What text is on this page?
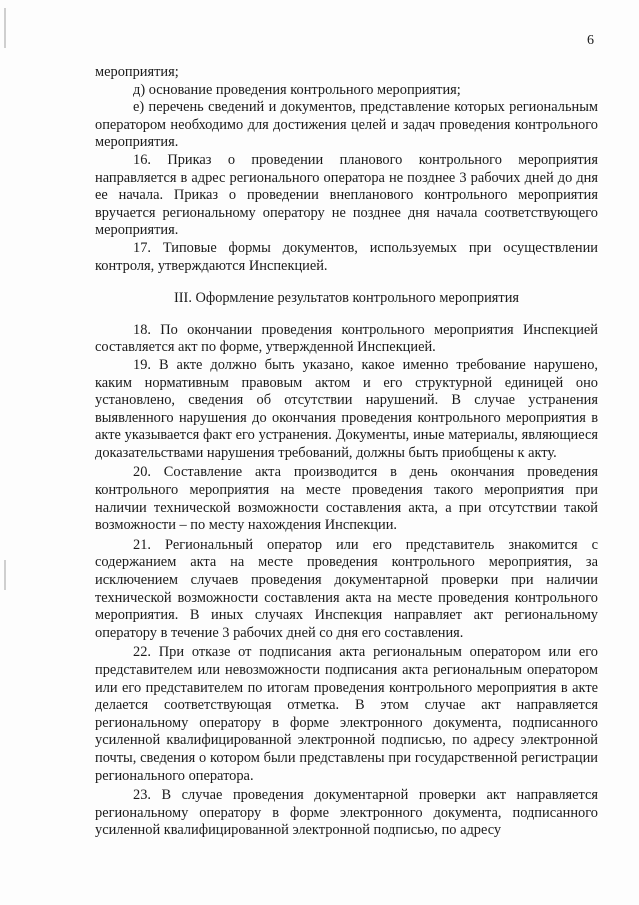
6

мероприятия;

д) основание проведения контрольного мероприятия;

е) перечень сведений и документов, представление которых региональным оператором необходимо для достижения целей и задач проведения контрольного мероприятия.

16. Приказ о проведении планового контрольного мероприятия направляется в адрес регионального оператора не позднее 3 рабочих дней до дня ее начала. Приказ о проведении внепланового контрольного мероприятия вручается региональному оператору не позднее дня начала соответствующего мероприятия.

17. Типовые формы документов, используемых при осуществлении контроля, утверждаются Инспекцией.

III. Оформление результатов контрольного мероприятия

18. По окончании проведения контрольного мероприятия Инспекцией составляется акт по форме, утвержденной Инспекцией.

19. В акте должно быть указано, какое именно требование нарушено, каким нормативным правовым актом и его структурной единицей оно установлено, сведения об отсутствии нарушений. В случае устранения выявленного нарушения до окончания проведения контрольного мероприятия в акте указывается факт его устранения. Документы, иные материалы, являющиеся доказательствами нарушения требований, должны быть приобщены к акту.

20. Составление акта производится в день окончания проведения контрольного мероприятия на месте проведения такого мероприятия при наличии технической возможности составления акта, а при отсутствии такой возможности – по месту нахождения Инспекции.

21. Региональный оператор или его представитель знакомится с содержанием акта на месте проведения контрольного мероприятия, за исключением случаев проведения документарной проверки при наличии технической возможности составления акта на месте проведения контрольного мероприятия. В иных случаях Инспекция направляет акт региональному оператору в течение 3 рабочих дней со дня его составления.

22. При отказе от подписания акта региональным оператором или его представителем или невозможности подписания акта региональным оператором или его представителем по итогам проведения контрольного мероприятия в акте делается соответствующая отметка. В этом случае акт направляется региональному оператору в форме электронного документа, подписанного усиленной квалифицированной электронной подписью, по адресу электронной почты, сведения о котором были представлены при государственной регистрации регионального оператора.

23. В случае проведения документарной проверки акт направляется региональному оператору в форме электронного документа, подписанного усиленной квалифицированной электронной подписью, по адресу
